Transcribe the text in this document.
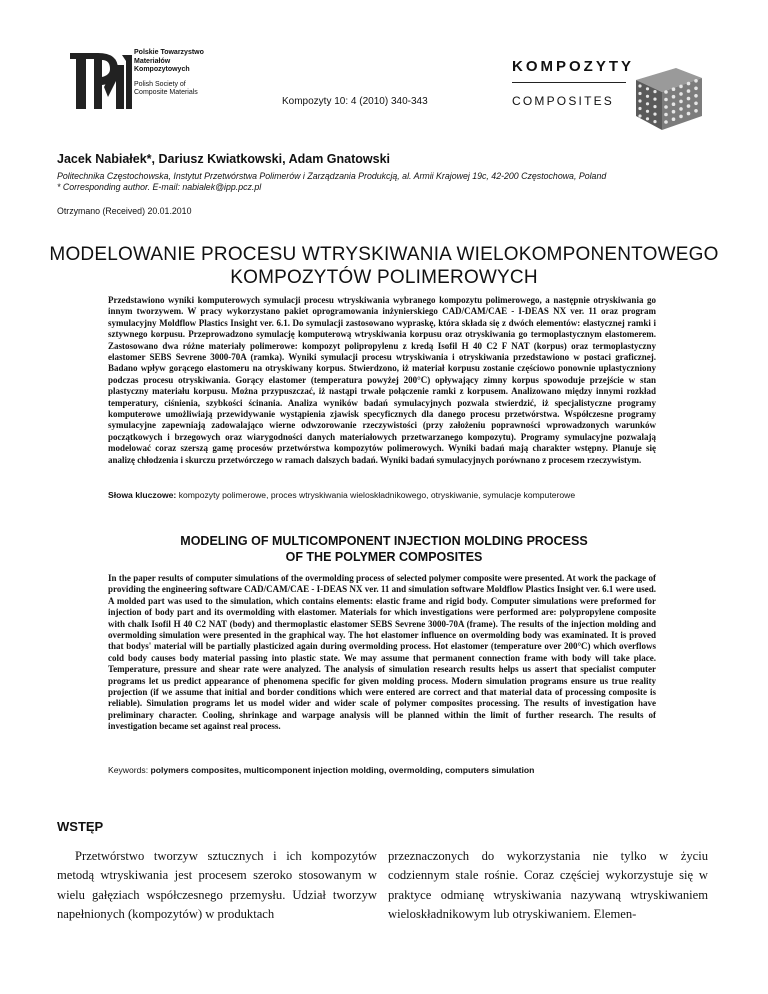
Polskie Towarzystwo
Materiałów Kompozytowych
Polish Society of
Composite Materials
Kompozyty 10: 4 (2010) 340-343
KOMPOZYTY
COMPOSITES
Jacek Nabiałek*, Dariusz Kwiatkowski, Adam Gnatowski
Politechnika Częstochowska, Instytut Przetwórstwa Polimerów i Zarządzania Produkcją, al. Armii Krajowej 19c, 42-200 Częstochowa, Poland
* Corresponding author. E-mail: nabialek@ipp.pcz.pl
Otrzymano (Received) 20.01.2010
MODELOWANIE PROCESU WTRYSKIWANIA WIELOKOMPONENTOWEGO
KOMPOZYTÓW POLIMEROWYCH
Przedstawiono wyniki komputerowych symulacji procesu wtryskiwania wybranego kompozytu polimerowego, a następnie otryskiwania go innym tworzywem. W pracy wykorzystano pakiet oprogramowania inżynierskiego CAD/CAM/CAE - I-DEAS NX ver. 11 oraz program symulacyjny Moldflow Plastics Insight ver. 6.1. Do symulacji zastosowano wypraskę, która składa się z dwóch elementów: elastycznej ramki i sztywnego korpusu. Przeprowadzono symulację komputerową wtryskiwania korpusu oraz otryskiwania go termoplastycznym elastomerem. Zastosowano dwa różne materiały polimerowe: kompozyt polipropylenu z kredą Isofil H 40 C2 F NAT (korpus) oraz termoplastyczny elastomer SEBS Sevrene 3000-70A (ramka). Wyniki symulacji procesu wtryskiwania i otryskiwania przedstawiono w postaci graficznej. Badano wpływ gorącego elastomeru na otryskiwany korpus. Stwierdzono, iż materiał korpusu zostanie częściowo ponownie uplastyczniony podczas procesu otryskiwania. Gorący elastomer (temperatura powyżej 200°C) opływający zimny korpus spowoduje przejście w stan plastyczny materiału korpusu. Można przypuszczać, iż nastąpi trwałe połączenie ramki z korpusem. Analizowano między innymi rozkład temperatury, ciśnienia, szybkości ścinania. Analiza wyników badań symulacyjnych pozwala stwierdzić, iż specjalistyczne programy komputerowe umożliwiają przewidywanie wystąpienia zjawisk specyficznych dla danego procesu przetwórstwa. Współczesne programy symulacyjne zapewniają zadowalająco wierne odwzorowanie rzeczywistości (przy założeniu poprawności wprowadzonych warunków początkowych i brzegowych oraz wiarygodności danych materiałowych przetwarzanego kompozytu). Programy symulacyjne pozwalają modelować coraz szerszą gamę procesów przetwórstwa kompozytów polimerowych. Wyniki badań mają charakter wstępny. Planuje się analizę chłodzenia i skurczu przetwórczego w ramach dalszych badań. Wyniki badań symulacyjnych porównano z procesem rzeczywistym.
Słowa kluczowe: kompozyty polimerowe, proces wtryskiwania wieloskładnikowego, otryskiwanie, symulacje komputerowe
MODELING OF MULTICOMPONENT INJECTION MOLDING PROCESS
OF THE POLYMER COMPOSITES
In the paper results of computer simulations of the overmolding process of selected polymer composite were presented. At work the package of providing the engineering software CAD/CAM/CAE - I-DEAS NX ver. 11 and simulation software Moldflow Plastics Insight ver. 6.1 were used. A molded part was used to the simulation, which contains elements: elastic frame and rigid body. Computer simulations were preformed for injection of body part and its overmolding with elastomer. Materials for which investigations were performed are: polypropylene composite with chalk Isofil H 40 C2 NAT (body) and thermoplastic elastomer SEBS Sevrene 3000-70A (frame). The results of the injection molding and overmolding simulation were presented in the graphical way. The hot elastomer influence on overmolding body was examinated. It is proved that bodys' material will be partially plasticized again during overmolding process. Hot elastomer (temperature over 200°C) which overflows cold body causes body material passing into plastic state. We may assume that permanent connection frame with body will take place. Temperature, pressure and shear rate were analyzed. The analysis of simulation research results helps us assert that specialist computer programs let us predict appearance of phenomena specific for given molding process. Modern simulation programs ensure us true reality projection (if we assume that initial and border conditions which were entered are correct and that material data of processing composite is reliable). Simulation programs let us model wider and wider scale of polymer composites processing. The results of investigation have preliminary character. Cooling, shrinkage and warpage analysis will be planned within the limit of further research. The results of investigation became set against real process.
Keywords: polymers composites, multicomponent injection molding, overmolding, computers simulation
WSTĘP
Przetwórstwo tworzyw sztucznych i ich kompozytów metodą wtryskiwania jest procesem szeroko stosowanym w wielu gałęziach współczesnego przemysłu. Udział tworzyw napełnionych (kompozytów) w produktach
przeznaczonych do wykorzystania nie tylko w życiu codziennym stale rośnie. Coraz częściej wykorzystuje się w praktyce odmianę wtryskiwania nazywaną wtryskiwaniem wieloskładnikowym lub otryskiwaniem. Elemen-
